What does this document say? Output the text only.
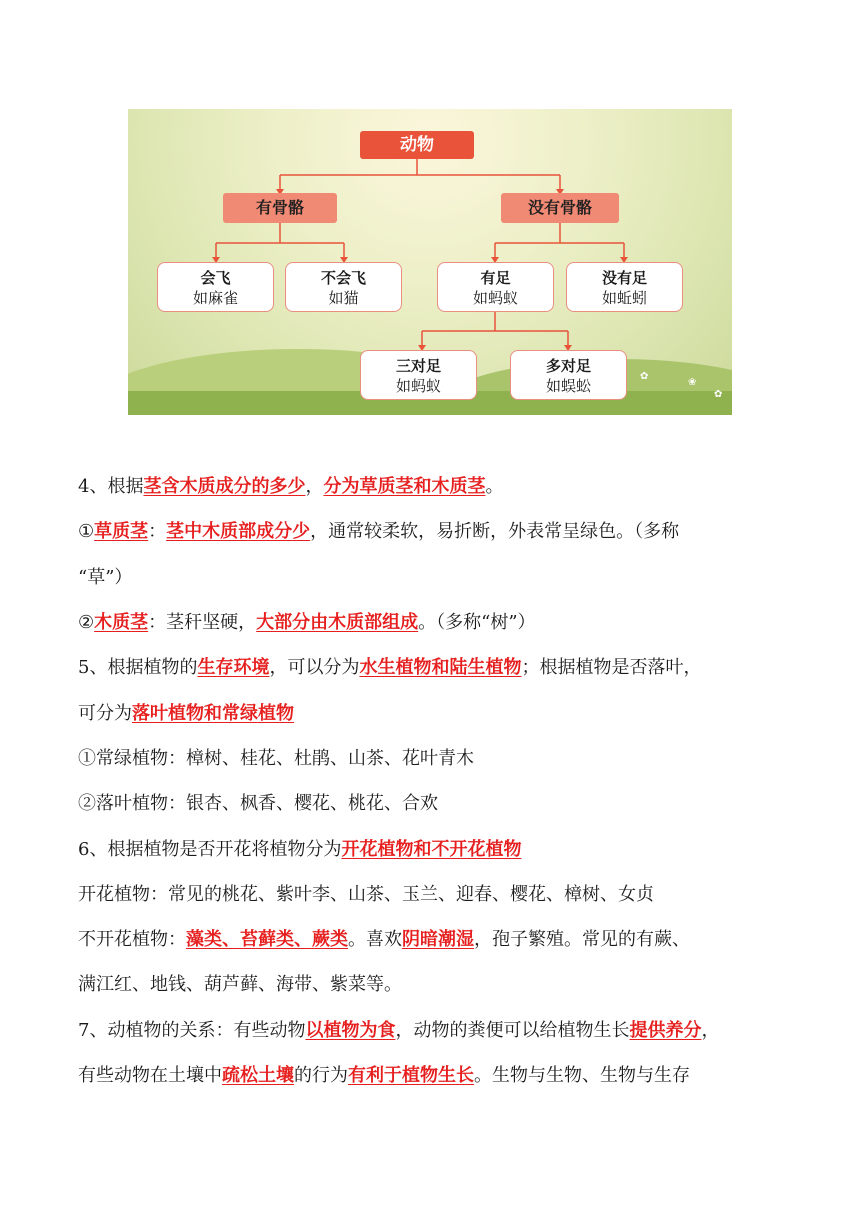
✿
✿
❀
动物
有骨骼	没有骨骼
会飞
如麻雀
不会飞
如猫
有足
如蚂蚁
没有足
如蚯蚓
三对足
如蚂蚁
多对足
如蜈蚣
4、根据茎含木质成分的多少，分为草质茎和木质茎。
①草质茎：茎中木质部成分少，通常较柔软，易折断，外表常呈绿色。（多称
“草”）
②木质茎：茎秆坚硬，大部分由木质部组成。（多称“树”）
5、根据植物的生存环境，可以分为水生植物和陆生植物；根据植物是否落叶，
可分为落叶植物和常绿植物
①常绿植物：樟树、桂花、杜鹃、山茶、花叶青木
②落叶植物：银杏、枫香、樱花、桃花、合欢
6、根据植物是否开花将植物分为开花植物和不开花植物
开花植物：常见的桃花、紫叶李、山茶、玉兰、迎春、樱花、樟树、女贞
不开花植物：藻类、苔藓类、蕨类。喜欢阴暗潮湿，孢子繁殖。常见的有蕨、
满江红、地钱、葫芦藓、海带、紫菜等。
7、动植物的关系：有些动物以植物为食，动物的粪便可以给植物生长提供养分，
有些动物在土壤中疏松土壤的行为有利于植物生长。生物与生物、生物与生存
